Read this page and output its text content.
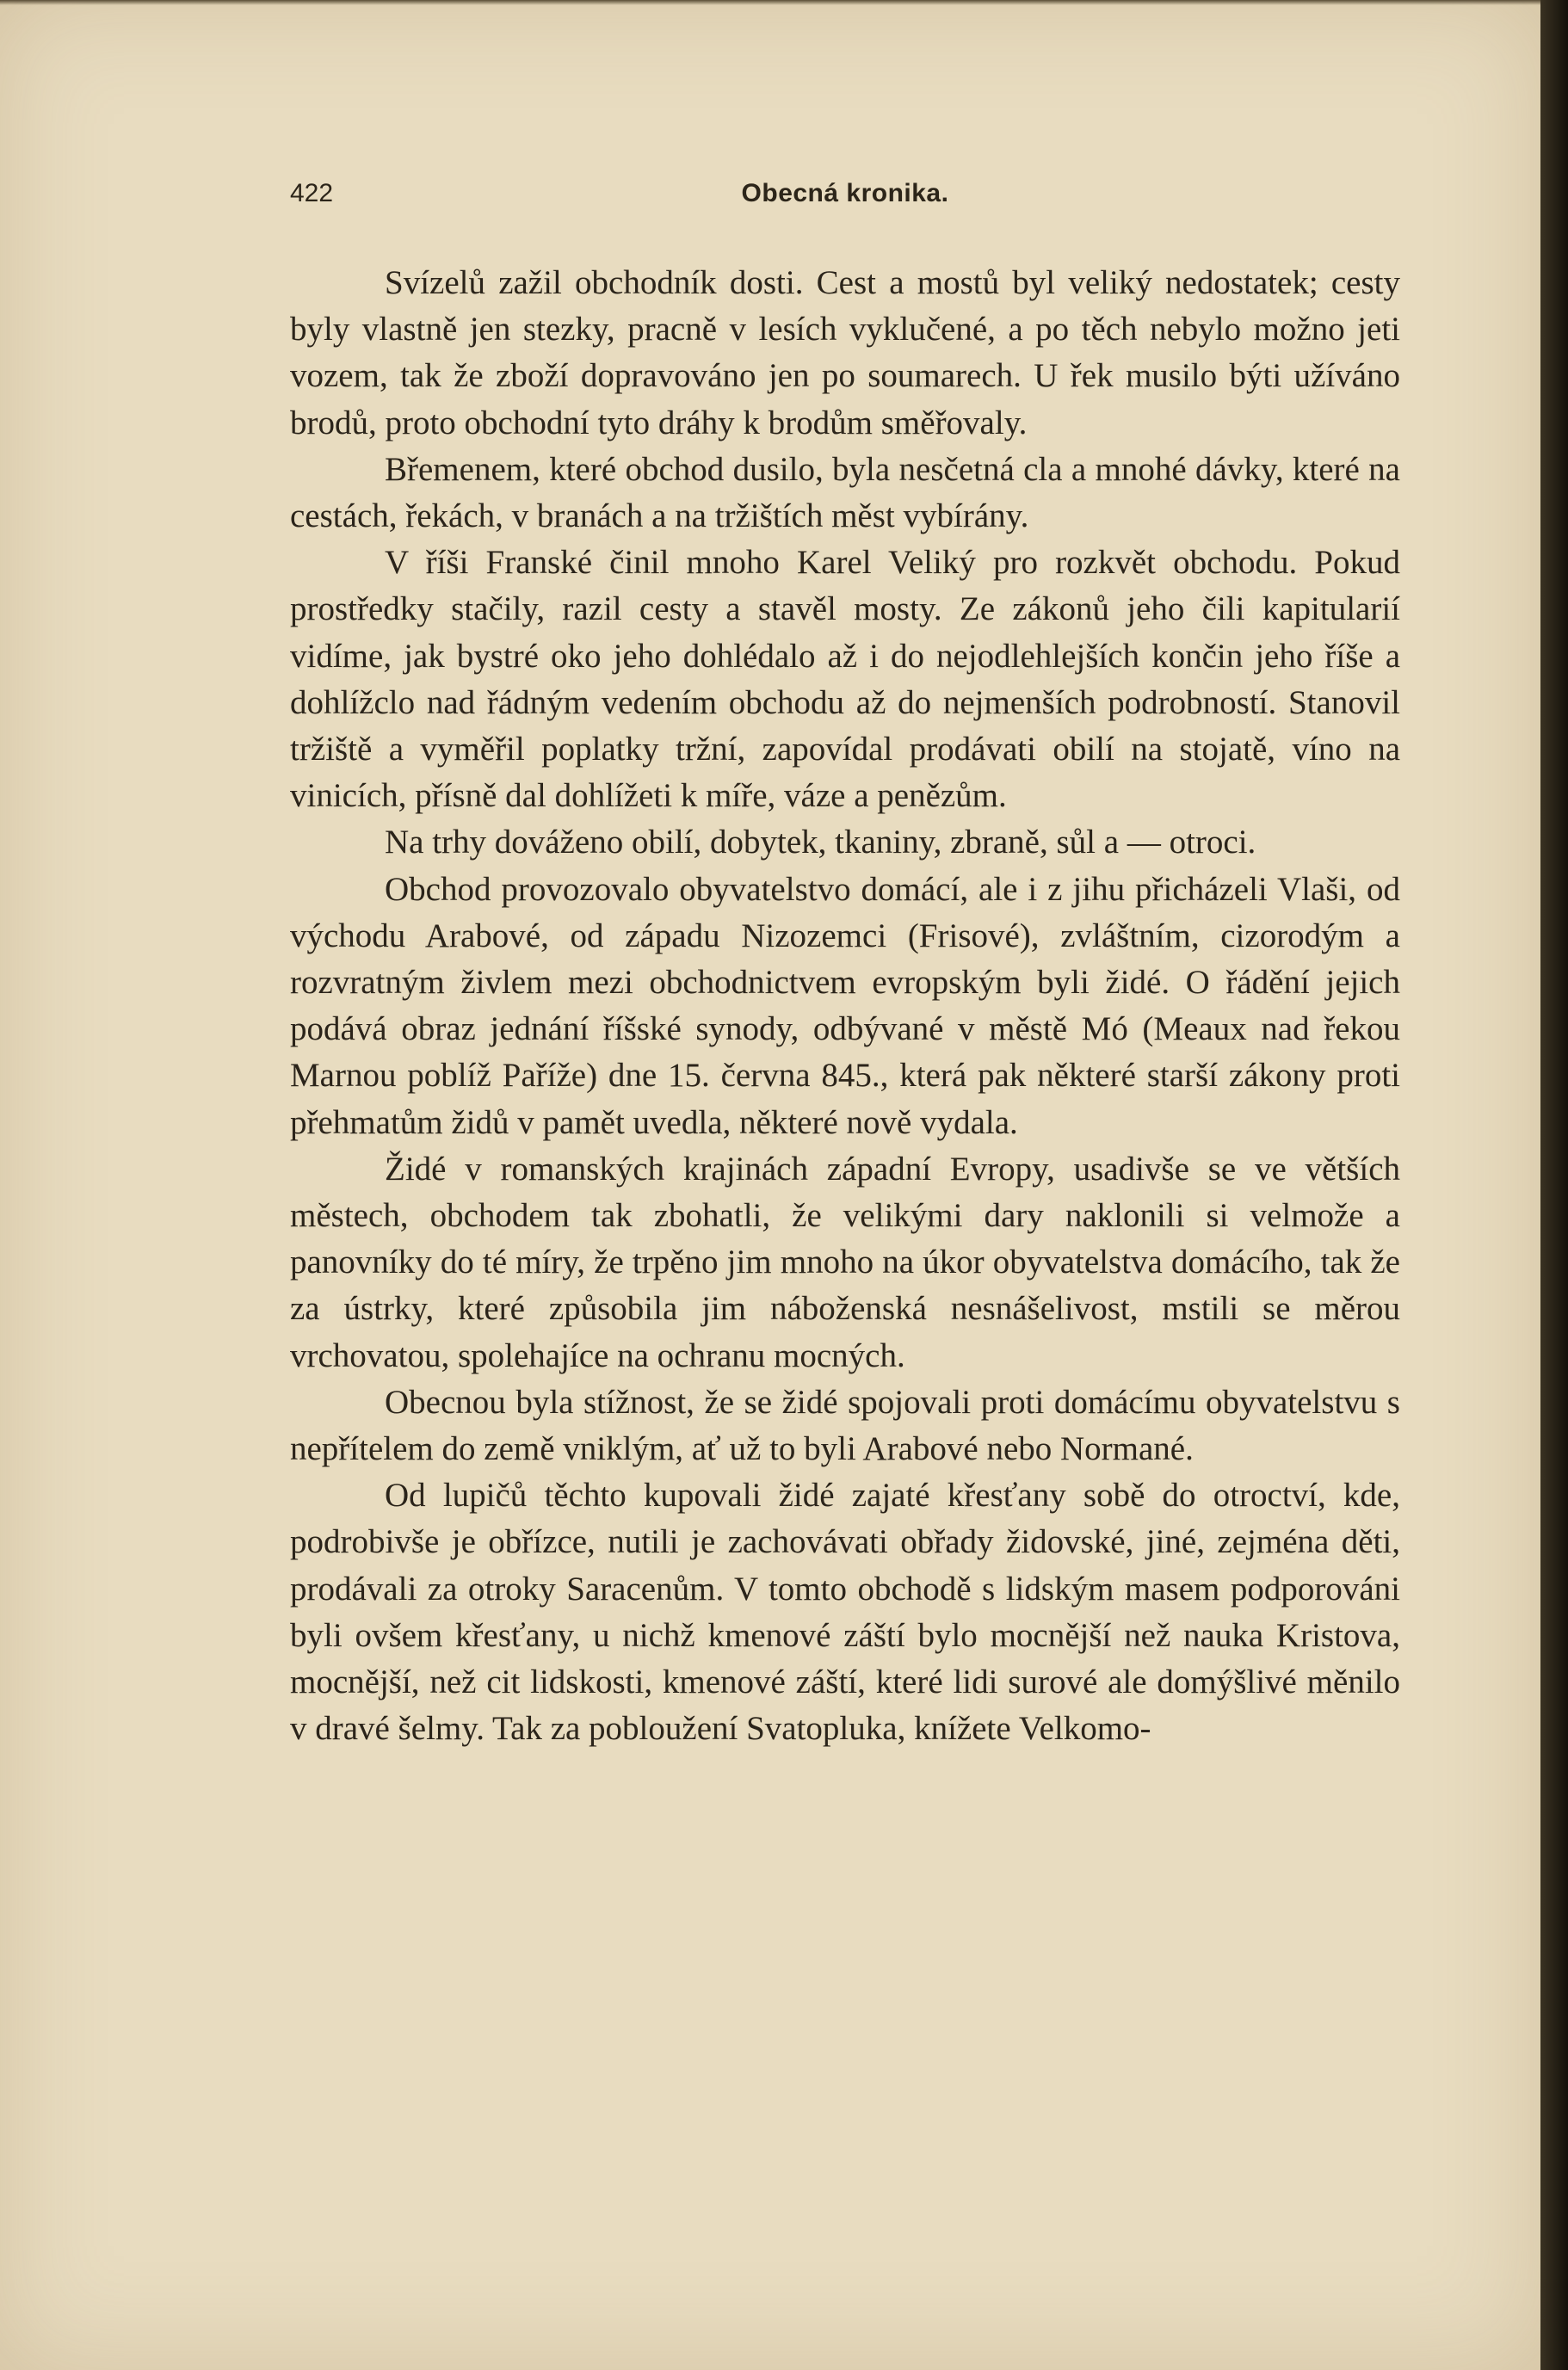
422	Obecná kronika.

Svízelů zažil obchodník dosti. Cest a mostů byl veliký nedostatek; cesty byly vlastně jen stezky, pracně v lesích vyklučené, a po těch nebylo možno jeti vozem, tak že zboží dopravováno jen po soumarech. U řek musilo býti užíváno brodů, proto obchodní tyto dráhy k brodům směřovaly.

Břemenem, které obchod dusilo, byla nesčetná cla a mnohé dávky, které na cestách, řekách, v branách a na tržištích měst vybírány.

V říši Franské činil mnoho Karel Veliký pro rozkvět obchodu. Pokud prostředky stačily, razil cesty a stavěl mosty. Ze zákonů jeho čili kapitularií vidíme, jak bystré oko jeho dohlédalo až i do nejodlehlejších končin jeho říše a dohlížclo nad řádným vedením obchodu až do nejmenších podrobností. Stanovil tržiště a vyměřil poplatky tržní, zapovídal prodávati obilí na stojatě, víno na vinicích, přísně dal dohlížeti k míře, váze a penězům.

Na trhy dováženo obilí, dobytek, tkaniny, zbraně, sůl a — otroci.

Obchod provozovalo obyvatelstvo domácí, ale i z jihu přicházeli Vlaši, od východu Arabové, od západu Nizozemci (Frisové), zvláštním, cizorodým a rozvratným živlem mezi obchodnictvem evropským byli židé. O řádění jejich podává obraz jednání říšské synody, odbývané v městě Mó (Meaux nad řekou Marnou poblíž Paříže) dne 15. června 845., která pak některé starší zákony proti přehmatům židů v pamět uvedla, některé nově vydala.

Židé v romanských krajinách západní Evropy, usadivše se ve větších městech, obchodem tak zbohatli, že velikými dary naklonili si velmože a panovníky do té míry, že trpěno jim mnoho na úkor obyvatelstva domácího, tak že za ústrky, které způsobila jim náboženská nesnášelivost, mstili se měrou vrchovatou, spolehajíce na ochranu mocných.

Obecnou byla stížnost, že se židé spojovali proti domácímu obyvatelstvu s nepřítelem do země vniklým, ať už to byli Arabové nebo Normané.

Od lupičů těchto kupovali židé zajaté křesťany sobě do otroctví, kde, podrobivše je obřízce, nutili je zachovávati obřady židovské, jiné, zejména děti, prodávali za otroky Saracenům. V tomto obchodě s lidským masem podporováni byli ovšem křesťany, u nichž kmenové záští bylo mocnější než nauka Kristova, mocnější, než cit lidskosti, kmenové záští, které lidi surové ale domýšlivé měnilo v dravé šelmy. Tak za pobloužení Svatopluka, knížete Velkomo-
